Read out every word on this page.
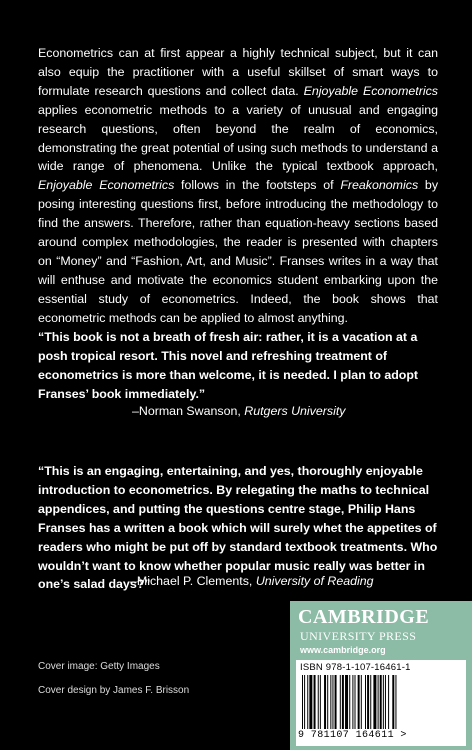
Econometrics can at first appear a highly technical subject, but it can also equip the practitioner with a useful skillset of smart ways to formulate research questions and collect data. Enjoyable Econometrics applies econometric methods to a variety of unusual and engaging research questions, often beyond the realm of economics, demonstrating the great potential of using such methods to understand a wide range of phenomena. Unlike the typical textbook approach, Enjoyable Econometrics follows in the footsteps of Freakonomics by posing interesting questions first, before introducing the methodology to find the answers. Therefore, rather than equation-heavy sections based around complex methodologies, the reader is presented with chapters on “Money” and “Fashion, Art, and Music”. Franses writes in a way that will enthuse and motivate the economics student embarking upon the essential study of econometrics. Indeed, the book shows that econometric methods can be applied to almost anything.

“This book is not a breath of fresh air: rather, it is a vacation at a posh tropical resort. This novel and refreshing treatment of econometrics is more than welcome, it is needed. I plan to adopt Franses’ book immediately.”

–Norman Swanson, Rutgers University

“This is an engaging, entertaining, and yes, thoroughly enjoyable introduction to econometrics. By relegating the maths to technical appendices, and putting the questions centre stage, Philip Hans Franses has a written a book which will surely whet the appetites of readers who might be put off by standard textbook treatments. Who wouldn’t want to know whether popular music really was better in one’s salad days?”

–Michael P. Clements, University of Reading
Cover image: Getty Images
Cover design by James F. Brisson
CAMBRIDGE
UNIVERSITY PRESS
www.cambridge.org
ISBN 978-1-107-16461-1
9 781107 164611 >
